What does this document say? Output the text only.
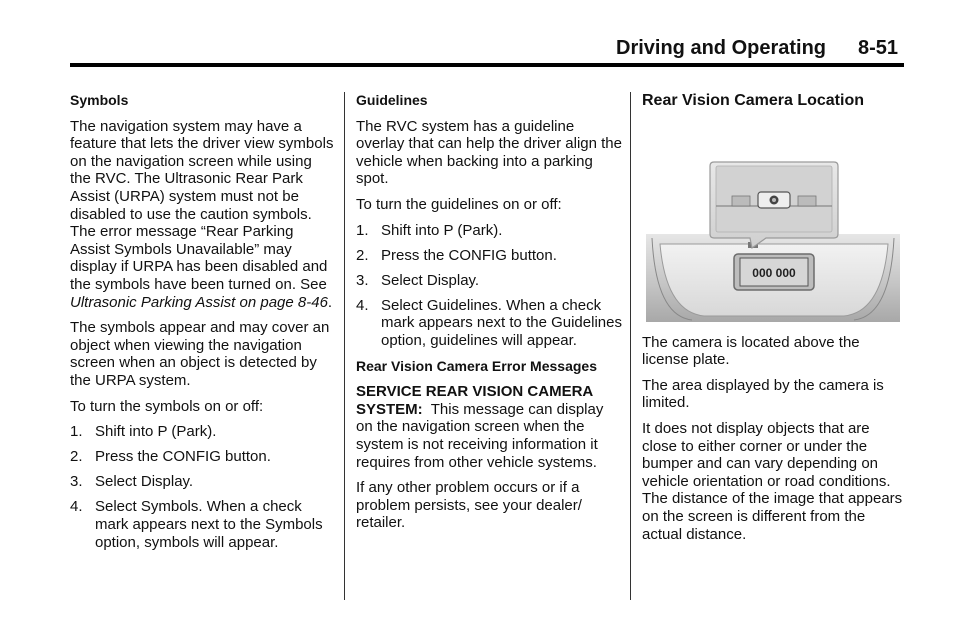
Driving and Operating 8-51
Symbols

The navigation system may have a feature that lets the driver view symbols on the navigation screen while using the RVC. The Ultrasonic Rear Park Assist (URPA) system must not be disabled to use the caution symbols. The error message “Rear Parking Assist Symbols Unavailable” may display if URPA has been disabled and the symbols have been turned on. See Ultrasonic Parking Assist on page 8-46.

The symbols appear and may cover an object when viewing the navigation screen when an object is detected by the URPA system.

To turn the symbols on or off:

1. Shift into P (Park).
2. Press the CONFIG button.
3. Select Display.
4. Select Symbols. When a check mark appears next to the Symbols option, symbols will appear.
Guidelines

The RVC system has a guideline overlay that can help the driver align the vehicle when backing into a parking spot.

To turn the guidelines on or off:

1. Shift into P (Park).
2. Press the CONFIG button.
3. Select Display.
4. Select Guidelines. When a check mark appears next to the Guidelines option, guidelines will appear.
Rear Vision Camera Error Messages

SERVICE REAR VISION CAMERA SYSTEM: This message can display on the navigation screen when the system is not receiving information it requires from other vehicle systems.

If any other problem occurs or if a problem persists, see your dealer/ retailer.

Rear Vision Camera Location
000 000

The camera is located above the license plate.

The area displayed by the camera is limited.

It does not display objects that are close to either corner or under the bumper and can vary depending on vehicle orientation or road conditions. The distance of the image that appears on the screen is different from the actual distance.
